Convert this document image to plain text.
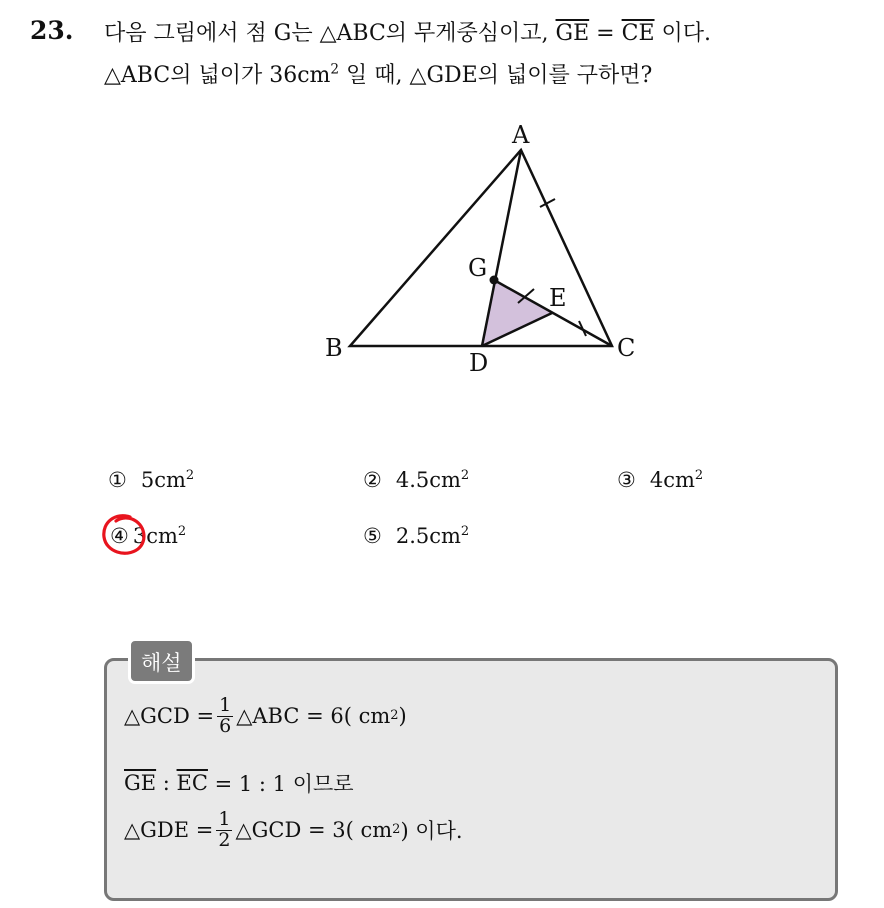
23. 다음 그림에서 점 G는 △ABC의 무게중심이고, $\overline{GE} = \overline{CE}$ 이다.
△ABC의 넓이가 $36cm^2$ 일 때, △GDE의 넓이를 구하면?
A
B	C
D
E
G
① $5cm^2$	② $4.5cm^2$	③ $4cm^2$
④ $3cm^2$	⑤ $2.5cm^2$
해설
△GCD = $\frac{1}{6}$ △ABC = 6( cm 2 )
$\overline{GE}$ : $\overline{EC} = 1$ : 1 이므로
△GDE = $\frac{1}{2}$ △GCD = 3( cm 2 ) 이다.
